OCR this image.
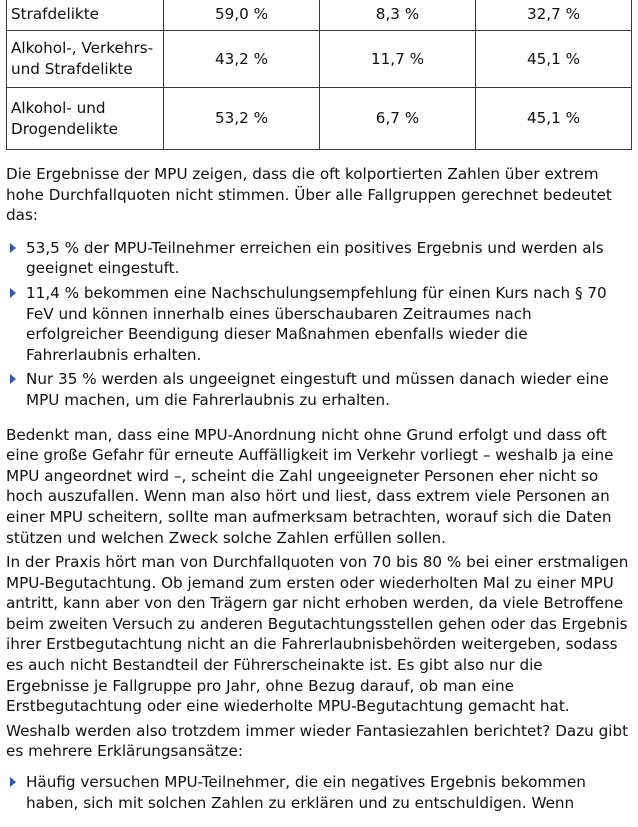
Strafdelikte	59,0 %	8,3 %	32,7 %
Alkohol-, Verkehrs- und Strafdelikte	43,2 %	11,7 %	45,1 %
Alkohol- und Drogendelikte	53,2 %	6,7 %	45,1 %

Die Ergebnisse der MPU zeigen, dass die oft kolportierten Zahlen über extrem hohe Durchfallquoten nicht stimmen. Über alle Fallgruppen gerechnet bedeutet das:

53,5 % der MPU-Teilnehmer erreichen ein positives Ergebnis und werden als geeignet eingestuft.
11,4 % bekommen eine Nachschulungsempfehlung für einen Kurs nach § 70 FeV und können innerhalb eines überschaubaren Zeitraumes nach erfolgreicher Beendigung dieser Maßnahmen ebenfalls wieder die Fahrerlaubnis erhalten.
Nur 35 % werden als ungeeignet eingestuft und müssen danach wieder eine MPU machen, um die Fahrerlaubnis zu erhalten.

Bedenkt man, dass eine MPU-Anordnung nicht ohne Grund erfolgt und dass oft eine große Gefahr für erneute Auffälligkeit im Verkehr vorliegt – weshalb ja eine MPU angeordnet wird –, scheint die Zahl ungeeigneter Personen eher nicht so hoch auszufallen. Wenn man also hört und liest, dass extrem viele Personen an einer MPU scheitern, sollte man aufmerksam betrachten, worauf sich die Daten stützen und welchen Zweck solche Zahlen erfüllen sollen.

In der Praxis hört man von Durchfallquoten von 70 bis 80 % bei einer erstmaligen MPU-Begutachtung. Ob jemand zum ersten oder wiederholten Mal zu einer MPU antritt, kann aber von den Trägern gar nicht erhoben werden, da viele Betroffene beim zweiten Versuch zu anderen Begutachtungsstellen gehen oder das Ergebnis ihrer Erstbegutachtung nicht an die Fahrerlaubnisbehörden weitergeben, sodass es auch nicht Bestandteil der Führerscheinakte ist. Es gibt also nur die Ergebnisse je Fallgruppe pro Jahr, ohne Bezug darauf, ob man eine Erstbegutachtung oder eine wiederholte MPU-Begutachtung gemacht hat.

Weshalb werden also trotzdem immer wieder Fantasiezahlen berichtet? Dazu gibt es mehrere Erklärungsansätze:

Häufig versuchen MPU-Teilnehmer, die ein negatives Ergebnis bekommen haben, sich mit solchen Zahlen zu erklären und zu entschuldigen. Wenn
